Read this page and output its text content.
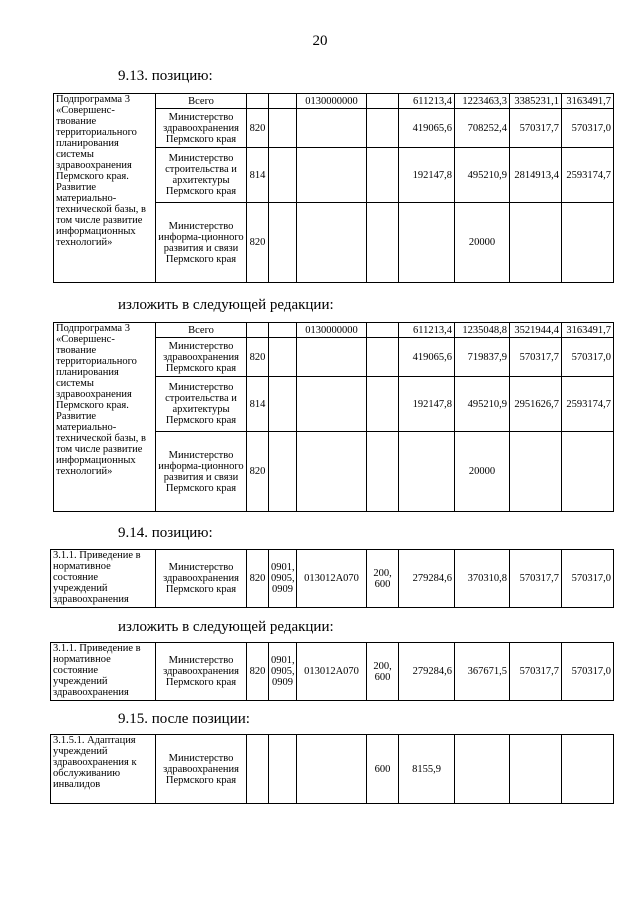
20
9.13. позицию:
Подпрограмма 3 «Совершенс-твование территориального планирования системы здравоохранения Пермского края. Развитие материально-технической базы, в том числе развитие информационных технологий»	Всего			0130000000		611213,4	1223463,3	3385231,1	3163491,7
	Министерство здравоохранения Пермского края	820				419065,6	708252,4	570317,7	570317,0
	Министерство строительства и архитектуры Пермского края	814				192147,8	495210,9	2814913,4	2593174,7
	Министерство информа-ционного развития и связи Пермского края	820					20000		
изложить в следующей редакции:
Подпрограмма 3 «Совершенс-твование территориального планирования системы здравоохранения Пермского края. Развитие материально-технической базы, в том числе развитие информационных технологий»	Всего			0130000000		611213,4	1235048,8	3521944,4	3163491,7
	Министерство здравоохранения Пермского края	820				419065,6	719837,9	570317,7	570317,0
	Министерство строительства и архитектуры Пермского края	814				192147,8	495210,9	2951626,7	2593174,7
	Министерство информа-ционного развития и связи Пермского края	820					20000		
9.14. позицию:
3.1.1. Приведение в нормативное состояние учреждений здравоохранения	Министерство здравоохранения Пермского края	820	0901, 0905, 0909	013012А070	200, 600	279284,6	370310,8	570317,7	570317,0
изложить в следующей редакции:
3.1.1. Приведение в нормативное состояние учреждений здравоохранения	Министерство здравоохранения Пермского края	820	0901, 0905, 0909	013012А070	200, 600	279284,6	367671,5	570317,7	570317,0
9.15. после позиции:
3.1.5.1. Адаптация учреждений здравоохранения к обслуживанию инвалидов	Министерство здравоохранения Пермского края				600	8155,9			
